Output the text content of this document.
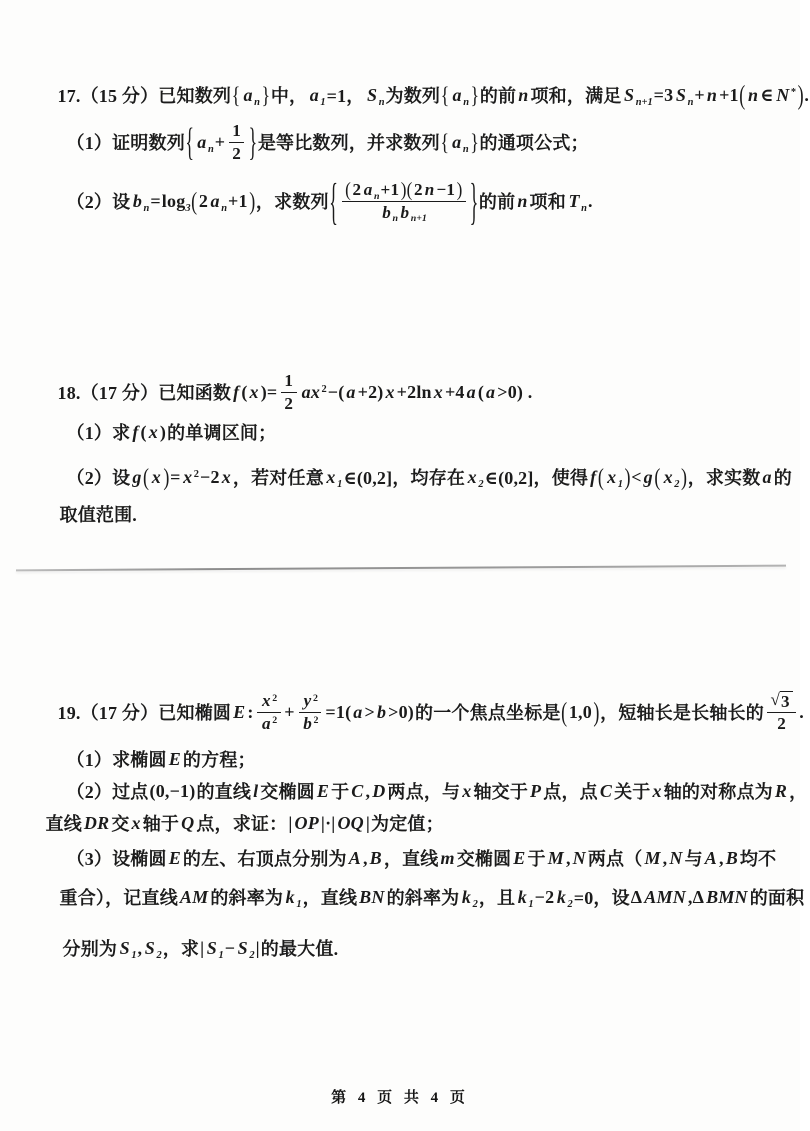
17.（15 分）已知数列 { a n } 中， a 1 =1， S n 为数列 { a n } 的前 n 项和，满足 S n+1 =3 S n + n +1 ( n ∈ N * ) .
（1）证明数列 { a $n + \frac{1}{2}$ } 是等比数列，并求数列 { a n } 的通项公式；
（2）设 b n = log 3 ( 2 a n +1 ) ，求数列 { $\frac{\text{( 2 a n +1 ) ( 2 n −1 )}}{\text{b n b n+1}}$ } 的前 n 项和 T n .
18.（17 分）已知函数 f ( x )= $\frac{1}{2}$ ax 2 −( a +2) x +2ln x +4 a ( a >0) .
（1）求 f ( x ) 的单调区间；
（2）设 g ( x ) = x 2 −2 x ，若对任意 x 1 ∈(0,2]，均存在 x 2 ∈(0,2]，使得 f ( x 1 ) < g ( x 2 ) ，求实数 a 的
取值范围.
19.（17 分）已知椭圆 E : $\frac{x 2}{a 2} + \frac{y 2}{b 2} =1$( a > b >0) 的一个焦点坐标是 ( 1,0 ) ，短轴长是长轴长的 $\frac{√ 3}{2}$ .
（1）求椭圆 E 的方程；
（2）过点 (0,−1) 的直线 l 交椭圆 E 于 C , D 两点，与 x 轴交于 P 点，点 C 关于 x 轴的对称点为 R ，
直线 DR 交 x 轴于 Q 点，求证： | OP |·| OQ | 为定值；
（3）设椭圆 E 的左、右顶点分别为 A , B ，直线 m 交椭圆 E 于 M , N 两点（ M , N 与 A , B 均不
重合），记直线 AM 的斜率为 k 1 ，直线 BN 的斜率为 k 2 ，且 k 1 −2 k 2 =0，设 Δ AMN ,Δ BMN 的面积
分别为 S 1 , S 2 ，求 | S 1 − S 2 | 的最大值.
第 4 页 共 4 页
